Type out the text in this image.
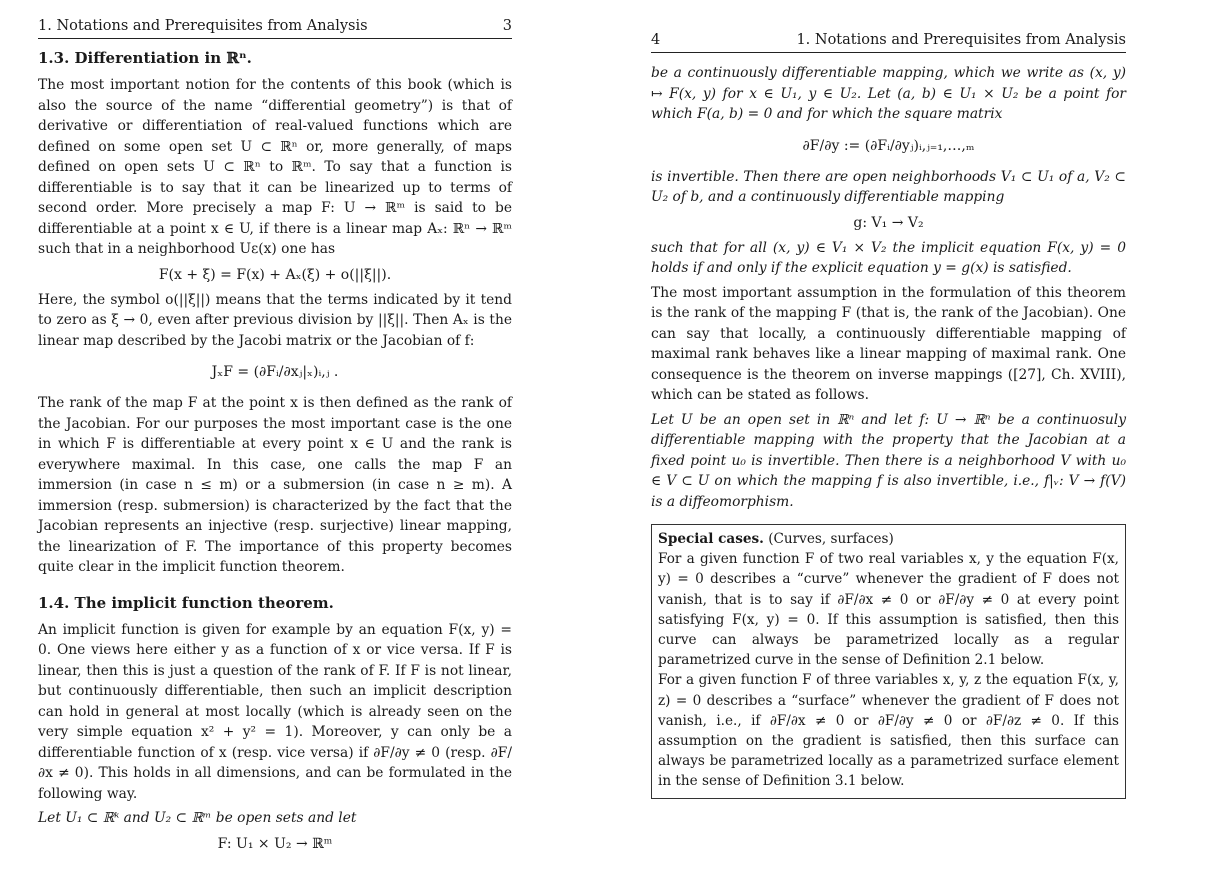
1. Notations and Prerequisites from Analysis	3
1.3. Differentiation in ℝⁿ.

The most important notion for the contents of this book (which is also the source of the name “differential geometry”) is that of derivative or differentiation of real-valued functions which are defined on some open set U ⊂ ℝⁿ or, more generally, of maps defined on open sets U ⊂ ℝⁿ to ℝᵐ. To say that a function is differentiable is to say that it can be linearized up to terms of second order. More precisely a map F: U → ℝᵐ is said to be differentiable at a point x ∈ U, if there is a linear map Aₓ: ℝⁿ → ℝᵐ such that in a neighborhood Uε(x) one has

F(x + ξ) = F(x) + Aₓ(ξ) + o(||ξ||).

Here, the symbol o(||ξ||) means that the terms indicated by it tend to zero as ξ → 0, even after previous division by ||ξ||. Then Aₓ is the linear map described by the Jacobi matrix or the Jacobian of f:

JₓF = (∂Fᵢ/∂xⱼ|ₓ)ᵢ,ⱼ .

The rank of the map F at the point x is then defined as the rank of the Jacobian. For our purposes the most important case is the one in which F is differentiable at every point x ∈ U and the rank is everywhere maximal. In this case, one calls the map F an immersion (in case n ≤ m) or a submersion (in case n ≥ m). A immersion (resp. submersion) is characterized by the fact that the Jacobian represents an injective (resp. surjective) linear mapping, the linearization of F. The importance of this property becomes quite clear in the implicit function theorem.

1.4. The implicit function theorem.

An implicit function is given for example by an equation F(x, y) = 0. One views here either y as a function of x or vice versa. If F is linear, then this is just a question of the rank of F. If F is not linear, but continuously differentiable, then such an implicit description can hold in general at most locally (which is already seen on the very simple equation x² + y² = 1). Moreover, y can only be a differentiable function of x (resp. vice versa) if ∂F/∂y ≠ 0 (resp. ∂F/∂x ≠ 0). This holds in all dimensions, and can be formulated in the following way.

Let U₁ ⊂ ℝᵏ and U₂ ⊂ ℝᵐ be open sets and let

F: U₁ × U₂ → ℝᵐ
4	1. Notations and Prerequisites from Analysis

be a continuously differentiable mapping, which we write as (x, y) ↦ F(x, y) for x ∈ U₁, y ∈ U₂. Let (a, b) ∈ U₁ × U₂ be a point for which F(a, b) = 0 and for which the square matrix

∂F/∂y := (∂Fᵢ/∂yⱼ)ᵢ,ⱼ₌₁,…,ₘ

is invertible. Then there are open neighborhoods V₁ ⊂ U₁ of a, V₂ ⊂ U₂ of b, and a continuously differentiable mapping

g: V₁ → V₂

such that for all (x, y) ∈ V₁ × V₂ the implicit equation F(x, y) = 0 holds if and only if the explicit equation y = g(x) is satisfied.

The most important assumption in the formulation of this theorem is the rank of the mapping F (that is, the rank of the Jacobian). One can say that locally, a continuously differentiable mapping of maximal rank behaves like a linear mapping of maximal rank. One consequence is the theorem on inverse mappings ([27], Ch. XVIII), which can be stated as follows.

Let U be an open set in ℝⁿ and let f: U → ℝⁿ be a continuosuly differentiable mapping with the property that the Jacobian at a fixed point u₀ is invertible. Then there is a neighborhood V with u₀ ∈ V ⊂ U on which the mapping f is also invertible, i.e., f|ᵥ: V → f(V) is a diffeomorphism.

Special cases. (Curves, surfaces)

For a given function F of two real variables x, y the equation F(x, y) = 0 describes a “curve” whenever the gradient of F does not vanish, that is to say if ∂F/∂x ≠ 0 or ∂F/∂y ≠ 0 at every point satisfying F(x, y) = 0. If this assumption is satisfied, then this curve can always be parametrized locally as a regular parametrized curve in the sense of Definition 2.1 below.

For a given function F of three variables x, y, z the equation F(x, y, z) = 0 describes a “surface” whenever the gradient of F does not vanish, i.e., if ∂F/∂x ≠ 0 or ∂F/∂y ≠ 0 or ∂F/∂z ≠ 0. If this assumption on the gradient is satisfied, then this surface can always be parametrized locally as a parametrized surface element in the sense of Definition 3.1 below.
